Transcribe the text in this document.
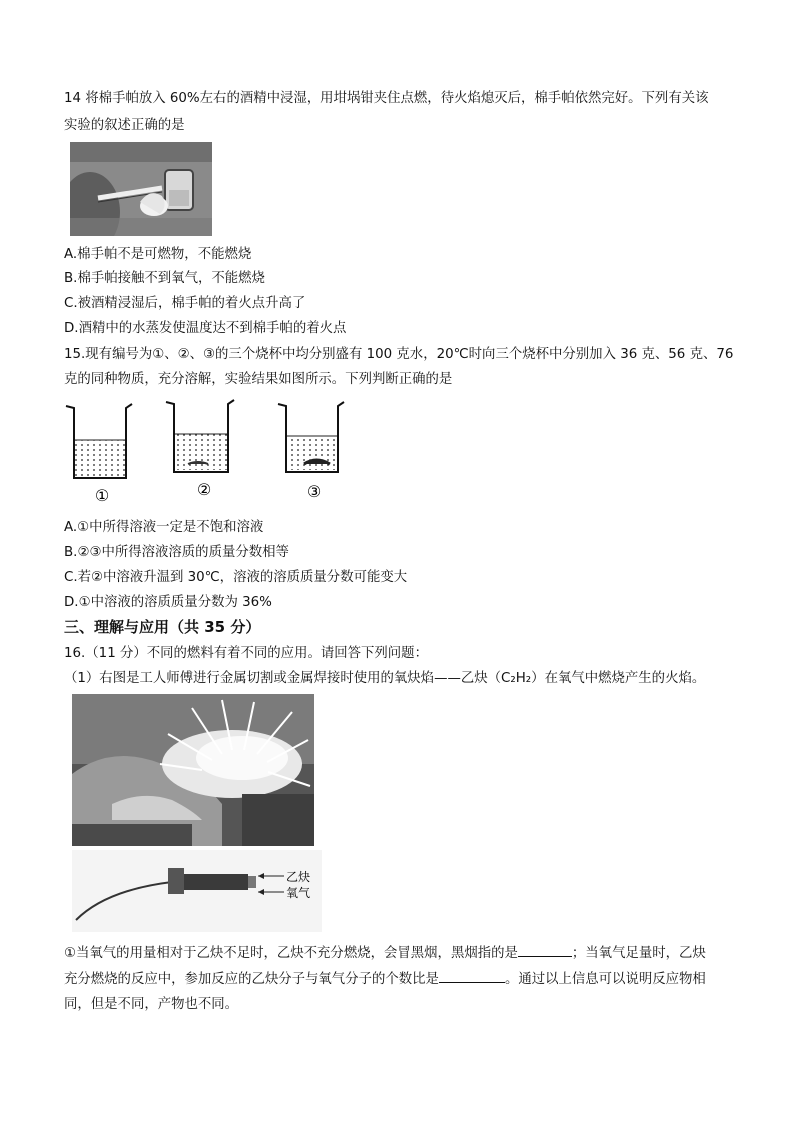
14 将棉手帕放入 60%左右的酒精中浸湿，用坩埚钳夹住点燃，待火焰熄灭后，棉手帕依然完好。下列有关该
实验的叙述正确的是
A.棉手帕不是可燃物，不能燃烧
B.棉手帕接触不到氧气，不能燃烧
C.被酒精浸湿后，棉手帕的着火点升高了
D.酒精中的水蒸发使温度达不到棉手帕的着火点
15.现有编号为①、②、③的三个烧杯中均分别盛有 100 克水，20℃时向三个烧杯中分别加入 36 克、56 克、76
克的同种物质，充分溶解，实验结果如图所示。下列判断正确的是
①	②	③
A.①中所得溶液一定是不饱和溶液
B.②③中所得溶液溶质的质量分数相等
C.若②中溶液升温到 30℃，溶液的溶质质量分数可能变大
D.①中溶液的溶质质量分数为 36%
三、理解与应用（共 35 分）
16.（11 分）不同的燃料有着不同的应用。请回答下列问题：
（1）右图是工人师傅进行金属切割或金属焊接时使用的氧炔焰——乙炔（C₂H₂）在氧气中燃烧产生的火焰。
乙炔
氧气
①当氧气的用量相对于乙炔不足时，乙炔不充分燃烧，会冒黑烟，黑烟指的是	；当氧气足量时，乙炔
充分燃烧的反应中，参加反应的乙炔分子与氧气分子的个数比是	。通过以上信息可以说明反应物相
同，但是不同，产物也不同。
